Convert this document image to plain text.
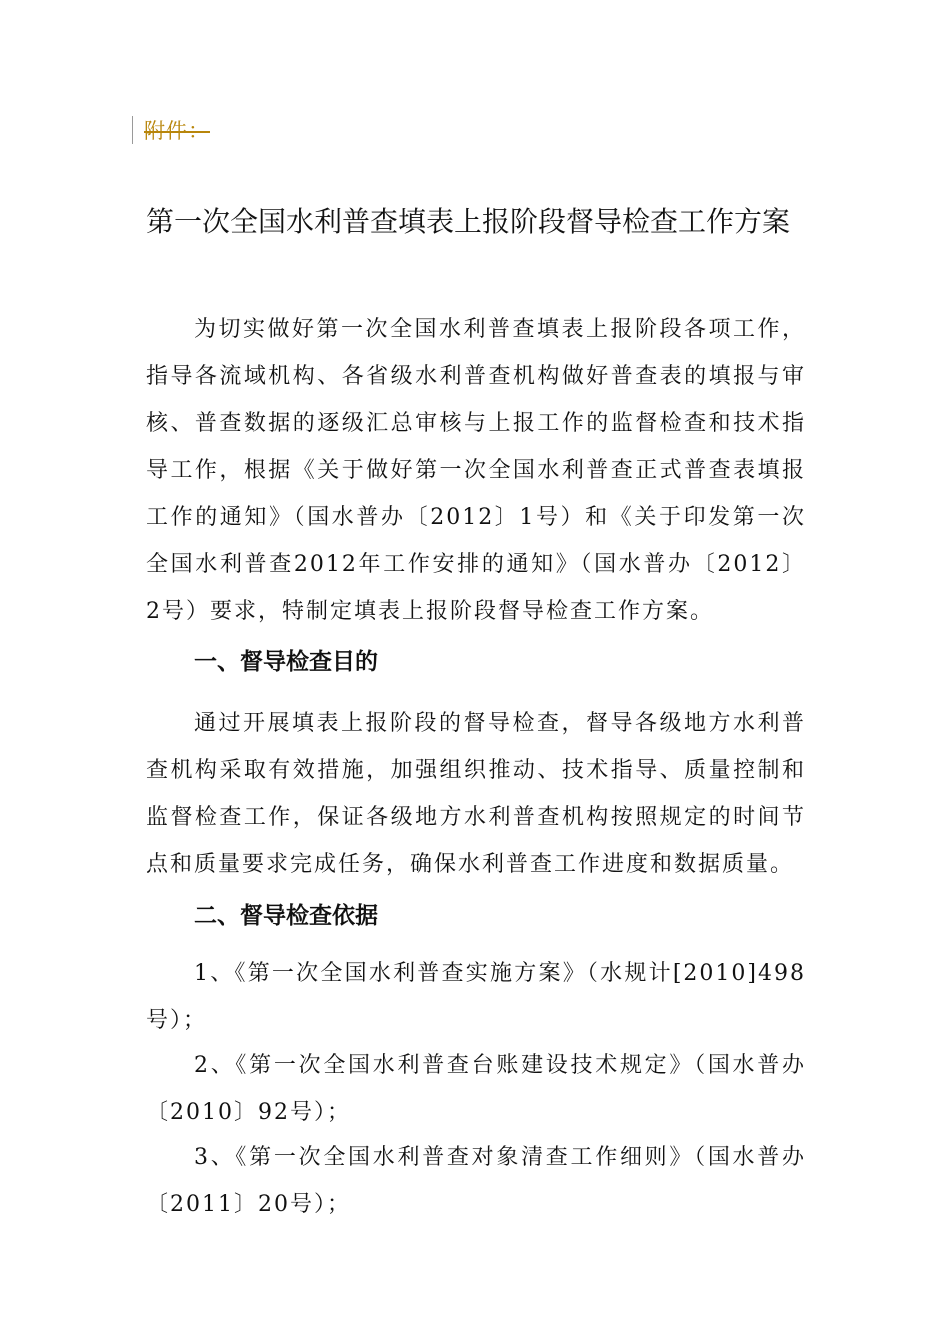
附件：
第一次全国水利普查填表上报阶段督导检查工作方案

为切实做好第一次全国水利普查填表上报阶段各项工作，指导各流域机构、各省级水利普查机构做好普查表的填报与审核、普查数据的逐级汇总审核与上报工作的监督检查和技术指导工作，根据《关于做好第一次全国水利普查正式普查表填报工作的通知》（国水普办〔2012〕1号）和《关于印发第一次全国水利普查2012年工作安排的通知》（国水普办〔2012〕2号）要求，特制定填表上报阶段督导检查工作方案。

一、督导检查目的

通过开展填表上报阶段的督导检查，督导各级地方水利普查机构采取有效措施，加强组织推动、技术指导、质量控制和监督检查工作，保证各级地方水利普查机构按照规定的时间节点和质量要求完成任务，确保水利普查工作进度和数据质量。

二、督导检查依据

1、《第一次全国水利普查实施方案》（水规计[2010]498号）；

2、《第一次全国水利普查台账建设技术规定》（国水普办〔2010〕92号）；

3、《第一次全国水利普查对象清查工作细则》（国水普办〔2011〕20号）；
